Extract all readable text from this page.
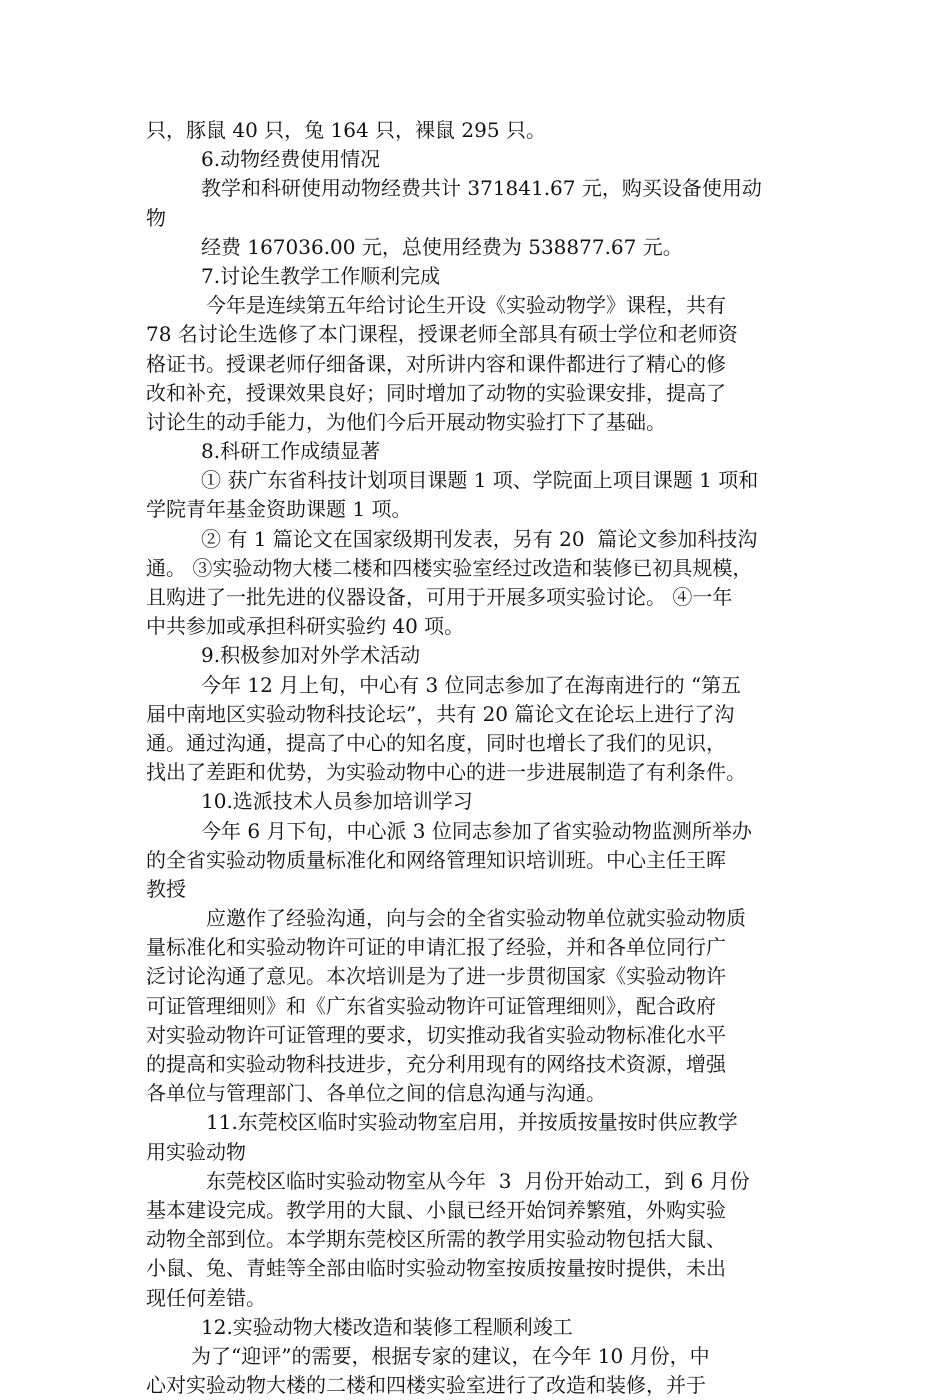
只，豚鼠 40 只，兔 164 只，裸鼠 295 只。
6.动物经费使用情况
教学和科研使用动物经费共计 371841.67 元，购买设备使用动
物
经费 167036.00 元，总使用经费为 538877.67 元。
7.讨论生教学工作顺利完成
今年是连续第五年给讨论生开设《实验动物学》课程，共有
78 名讨论生选修了本门课程，授课老师全部具有硕士学位和老师资
格证书。授课老师仔细备课，对所讲内容和课件都进行了精心的修
改和补充，授课效果良好；同时增加了动物的实验课安排，提高了
讨论生的动手能力，为他们今后开展动物实验打下了基础。
8.科研工作成绩显著
① 获广东省科技计划项目课题 1 项、学院面上项目课题 1 项和
学院青年基金资助课题 1 项。
② 有 1 篇论文在国家级期刊发表，另有 20  篇论文参加科技沟
通。 ③实验动物大楼二楼和四楼实验室经过改造和装修已初具规模，
且购进了一批先进的仪器设备，可用于开展多项实验讨论。 ④一年
中共参加或承担科研实验约 40 项。
9.积极参加对外学术活动
今年 12 月上旬，中心有 3 位同志参加了在海南进行的 “第五
届中南地区实验动物科技论坛”，共有 20 篇论文在论坛上进行了沟
通。通过沟通，提高了中心的知名度，同时也增长了我们的见识，
找出了差距和优势，为实验动物中心的进一步进展制造了有利条件。
10.选派技术人员参加培训学习
今年 6 月下旬，中心派 3 位同志参加了省实验动物监测所举办
的全省实验动物质量标准化和网络管理知识培训班。中心主任王晖
教授
应邀作了经验沟通，向与会的全省实验动物单位就实验动物质
量标准化和实验动物许可证的申请汇报了经验，并和各单位同行广
泛讨论沟通了意见。本次培训是为了进一步贯彻国家《实验动物许
可证管理细则》和《广东省实验动物许可证管理细则》，配合政府
对实验动物许可证管理的要求，切实推动我省实验动物标准化水平
的提高和实验动物科技进步，充分利用现有的网络技术资源，增强
各单位与管理部门、各单位之间的信息沟通与沟通。
11.东莞校区临时实验动物室启用，并按质按量按时供应教学
用实验动物
东莞校区临时实验动物室从今年  3  月份开始动工，到 6 月份
基本建设完成。教学用的大鼠、小鼠已经开始饲养繁殖，外购实验
动物全部到位。本学期东莞校区所需的教学用实验动物包括大鼠、
小鼠、兔、青蛙等全部由临时实验动物室按质按量按时提供，未出
现任何差错。
12.实验动物大楼改造和装修工程顺利竣工
为了“迎评”的需要，根据专家的建议，在今年 10 月份，中
心对实验动物大楼的二楼和四楼实验室进行了改造和装修，并于
